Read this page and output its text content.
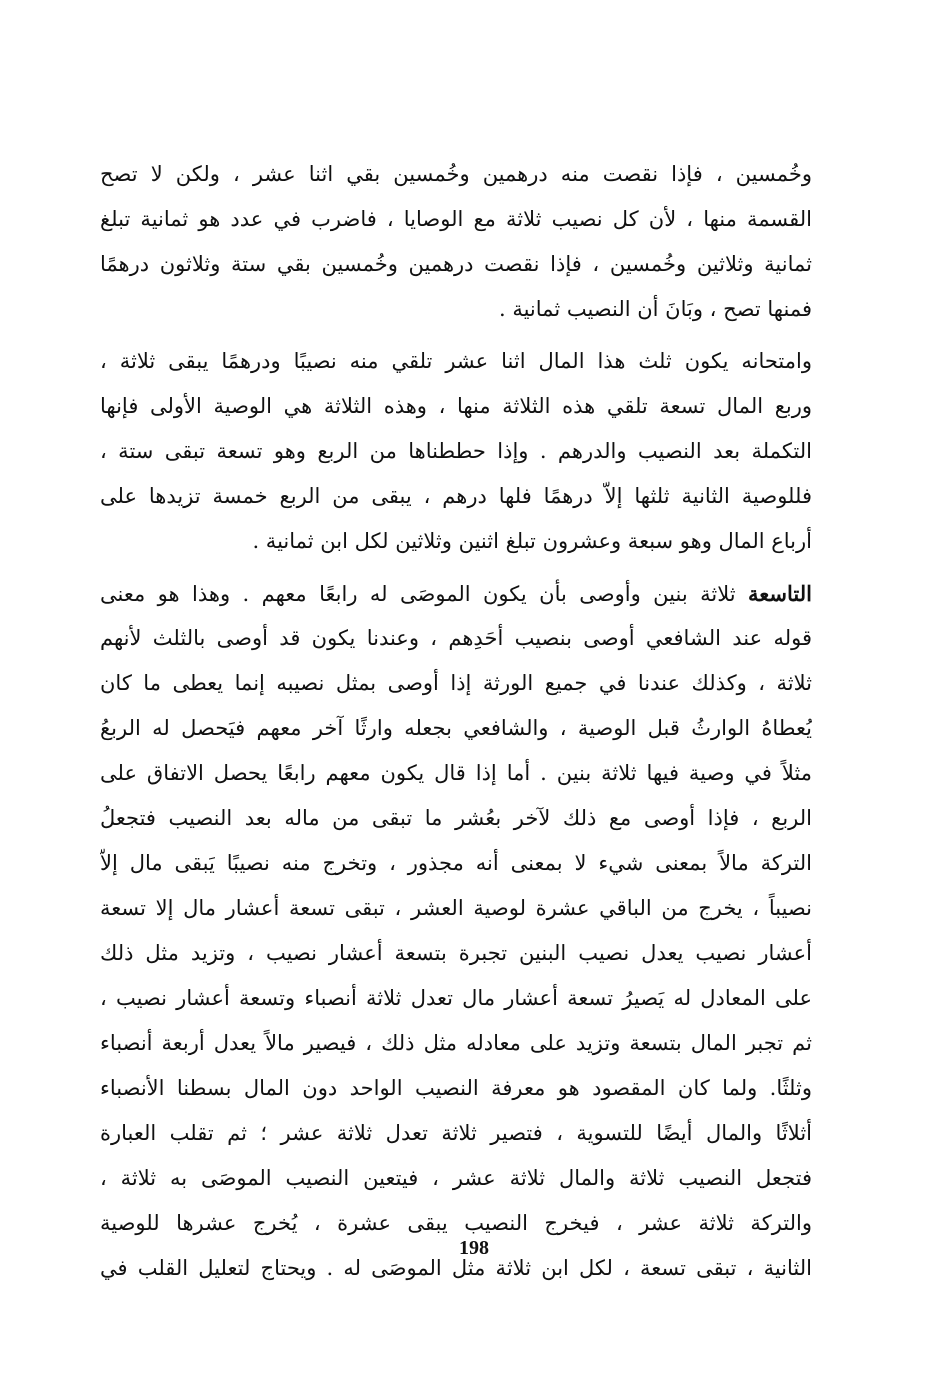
وخُمسين ، فإذا نقصت منه درهمين وخُمسين بقي اثنا عشر ، ولكن لا تصح
القسمة منها ، لأن كل نصيب ثلاثة مع الوصايا ، فاضرب في عدد هو ثمانية تبلغ
ثمانية وثلاثين وخُمسين ، فإذا نقصت درهمين وخُمسين بقي ستة وثلاثون درهمًا
فمنها تصح ، وبَانَ أن النصيب ثمانية .
وامتحانه يكون ثلث هذا المال اثنا عشر تلقي منه نصيبًا ودرهمًا يبقى ثلاثة ،
وربع المال تسعة تلقي هذه الثلاثة منها ، وهذه الثلاثة هي الوصية الأولى فإنها
التكملة بعد النصيب والدرهم . وإذا حططناها من الربع وهو تسعة تبقى ستة ،
فللوصية الثانية ثلثها إلاّ درهمًا فلها درهم ، يبقى من الربع خمسة تزيدها على
أرباع المال وهو سبعة وعشرون تبلغ اثنين وثلاثين لكل ابن ثمانية .
التاسعة ثلاثة بنين وأوصى بأن يكون الموصَى له رابعًا معهم . وهذا هو معنى
قوله عند الشافعي أوصى بنصيب أحَدِهم ، وعندنا يكون قد أوصى بالثلث لأنهم
ثلاثة ، وكذلك عندنا في جميع الورثة إذا أوصى بمثل نصيبه إنما يعطى ما كان
يُعطاهُ الوارثُ قبل الوصية ، والشافعي بجعله وارثًا آخر معهم فيَحصل له الربعُ
مثلاً في وصية فيها ثلاثة بنين . أما إذا قال يكون معهم رابعًا يحصل الاتفاق على
الربع ، فإذا أوصى مع ذلك لآخر بعُشر ما تبقى من ماله بعد النصيب فتجعلُ
التركة مالاً بمعنى شيء لا بمعنى أنه مجذور ، وتخرج منه نصيبًا يَبقى مال إلاّ
نصيباً ، يخرج من الباقي عشرة لوصية العشر ، تبقى تسعة أعشار مال إلا تسعة
أعشار نصيب يعدل نصيب البنين تجبرة بتسعة أعشار نصيب ، وتزيد مثل ذلك
على المعادل له يَصيرُ تسعة أعشار مال تعدل ثلاثة أنصباء وتسعة أعشار نصيب ،
ثم تجبر المال بتسعة وتزيد على معادله مثل ذلك ، فيصير مالاً يعدل أربعة أنصباء
وثلثًا. ولما كان المقصود هو معرفة النصيب الواحد دون المال بسطنا الأنصباء
أثلاثًا والمال أيضًا للتسوية ، فتصير ثلاثة تعدل ثلاثة عشر ؛ ثم تقلب العبارة
فتجعل النصيب ثلاثة والمال ثلاثة عشر ، فيتعين النصيب الموصَى به ثلاثة ،
والتركة ثلاثة عشر ، فيخرج النصيب يبقى عشرة ، يُخرج عشرها للوصية
الثانية ، تبقى تسعة ، لكل ابن ثلاثة مثل الموصَى له . ويحتاج لتعليل القلب في
198
